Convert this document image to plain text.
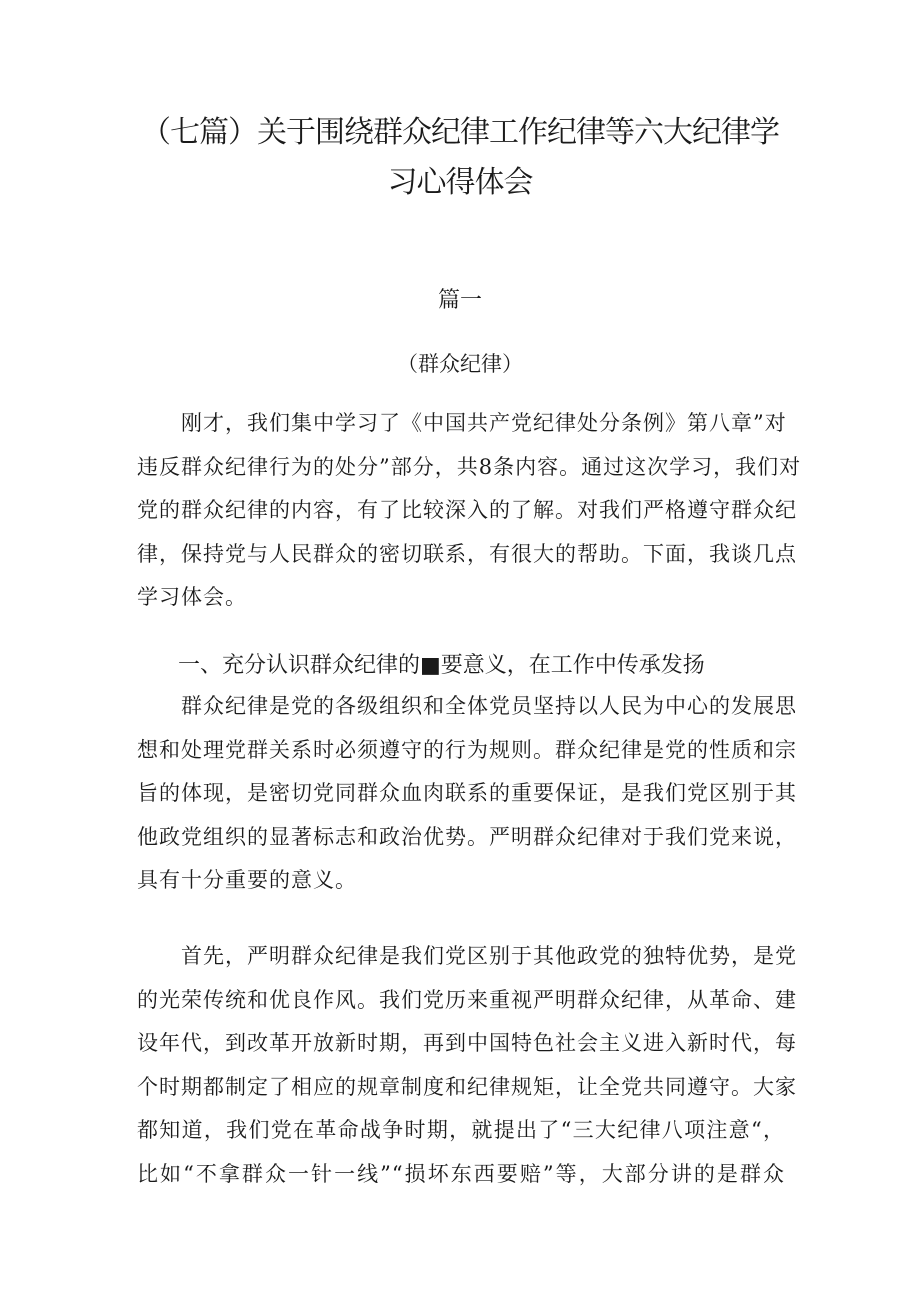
（七篇）关于围绕群众纪律工作纪律等六大纪律学
习心得体会
篇一
（群众纪律）
刚才，我们集中学习了《中国共产党纪律处分条例》第八章”对
违反群众纪律行为的处分”部分，共8条内容。通过这次学习，我们对
党的群众纪律的内容，有了比较深入的了解。对我们严格遵守群众纪
律，保持党与人民群众的密切联系，有很大的帮助。下面，我谈几点
学习体会。
一、充分认识群众纪律的■要意义，在工作中传承发扬
群众纪律是党的各级组织和全体党员坚持以人民为中心的发展思
想和处理党群关系时必须遵守的行为规则。群众纪律是党的性质和宗
旨的体现，是密切党同群众血肉联系的重要保证，是我们党区别于其
他政党组织的显著标志和政治优势。严明群众纪律对于我们党来说，
具有十分重要的意义。
首先，严明群众纪律是我们党区别于其他政党的独特优势，是党
的光荣传统和优良作风。我们党历来重视严明群众纪律，从革命、建
设年代，到改革开放新时期，再到中国特色社会主义进入新时代，每
个时期都制定了相应的规章制度和纪律规矩，让全党共同遵守。大家
都知道，我们党在革命战争时期，就提出了“三大纪律八项注意“，
比如“不拿群众一针一线”“损坏东西要赔”等，大部分讲的是群众
